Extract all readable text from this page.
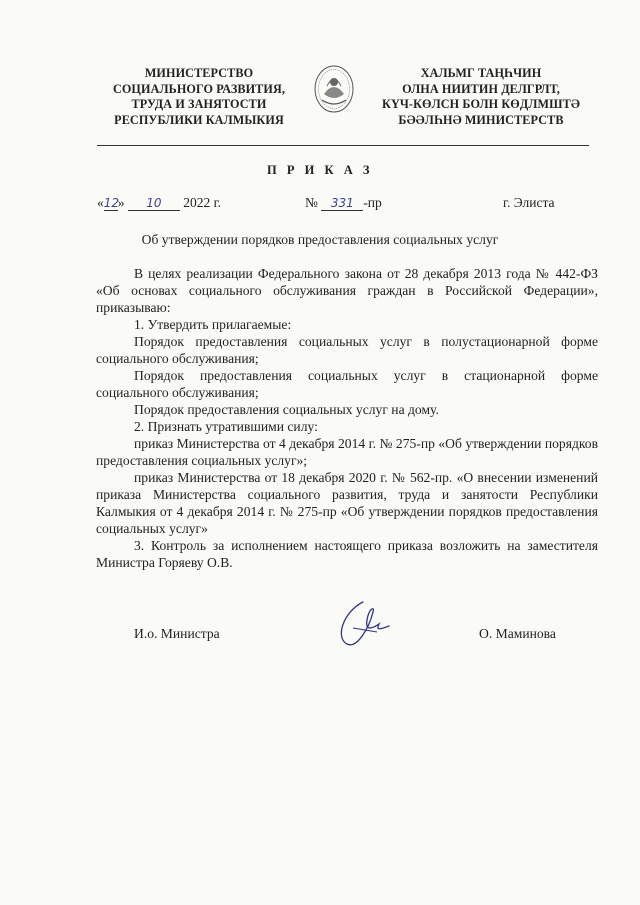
МИНИСТЕРСТВО
СОЦИАЛЬНОГО РАЗВИТИЯ,
ТРУДА И ЗАНЯТОСТИ
РЕСПУБЛИКИ КАЛМЫКИЯ
ХАЛЬМГ ТАҢҺЧИН
ОЛНА НИИТИН ДЕЛГРЛТ,
КҮЧ-КӨЛСН БОЛН КӨДЛМШТӘ
БӘӘЛҺНӘ МИНИСТЕРСТВ
П Р И К А З
«12» 10 2022 г.	№ 331 -пр	г. Элиста
Об утверждении порядков предоставления социальных услуг

В целях реализации Федерального закона от 28 декабря 2013 года № 442-ФЗ «Об основах социального обслуживания граждан в Российской Федерации», приказываю:

1. Утвердить прилагаемые:

Порядок предоставления социальных услуг в полустационарной форме социального обслуживания;

Порядок предоставления социальных услуг в стационарной форме социального обслуживания;

Порядок предоставления социальных услуг на дому.

2. Признать утратившими силу:

приказ Министерства от 4 декабря 2014 г. № 275-пр «Об утверждении порядков предоставления социальных услуг»;

приказ Министерства от 18 декабря 2020 г. № 562-пр. «О внесении изменений приказа Министерства социального развития, труда и занятости Республики Калмыкия от 4 декабря 2014 г. № 275-пр «Об утверждении порядков предоставления социальных услуг»

3. Контроль за исполнением настоящего приказа возложить на заместителя Министра Горяеву О.В.

И.о. Министра	О. Маминова
